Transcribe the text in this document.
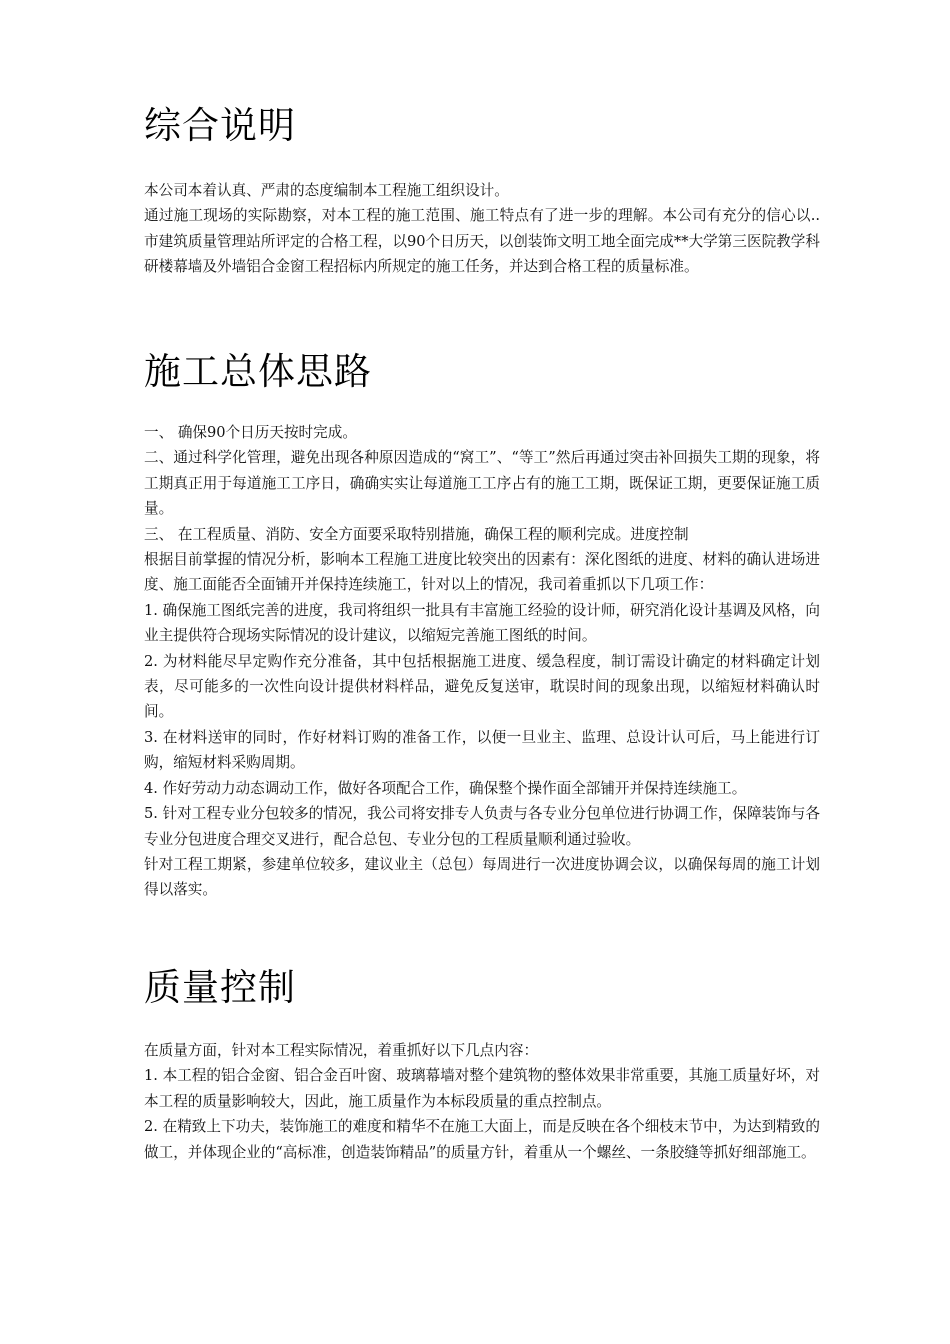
综合说明

本公司本着认真、严肃的态度编制本工程施工组织设计。

通过施工现场的实际勘察，对本工程的施工范围、施工特点有了进一步的理解。本公司有充分的信心以..市建筑质量管理站所评定的合格工程，以90个日历天，以创装饰文明工地全面完成**大学第三医院教学科研楼幕墙及外墙铝合金窗工程招标内所规定的施工任务，并达到合格工程的质量标准。

施工总体思路

一、 确保90个日历天按时完成。

二、通过科学化管理，避免出现各种原因造成的“窝工”、“等工”然后再通过突击补回损失工期的现象，将工期真正用于每道施工工序日，确确实实让每道施工工序占有的施工工期，既保证工期，更要保证施工质量。

三、 在工程质量、消防、安全方面要采取特别措施，确保工程的顺利完成。进度控制

根据目前掌握的情况分析，影响本工程施工进度比较突出的因素有：深化图纸的进度、材料的确认进场进度、施工面能否全面铺开并保持连续施工，针对以上的情况，我司着重抓以下几项工作：

1. 确保施工图纸完善的进度，我司将组织一批具有丰富施工经验的设计师，研究消化设计基调及风格，向业主提供符合现场实际情况的设计建议，以缩短完善施工图纸的时间。

2. 为材料能尽早定购作充分准备，其中包括根据施工进度、缓急程度，制订需设计确定的材料确定计划表，尽可能多的一次性向设计提供材料样品，避免反复送审，耽误时间的现象出现，以缩短材料确认时间。

3. 在材料送审的同时，作好材料订购的准备工作，以便一旦业主、监理、总设计认可后，马上能进行订购，缩短材料采购周期。

4. 作好劳动力动态调动工作，做好各项配合工作，确保整个操作面全部铺开并保持连续施工。

5. 针对工程专业分包较多的情况，我公司将安排专人负责与各专业分包单位进行协调工作，保障装饰与各专业分包进度合理交叉进行，配合总包、专业分包的工程质量顺利通过验收。

针对工程工期紧，参建单位较多，建议业主（总包）每周进行一次进度协调会议，以确保每周的施工计划得以落实。

质量控制

在质量方面，针对本工程实际情况，着重抓好以下几点内容：

1. 本工程的铝合金窗、铝合金百叶窗、玻璃幕墙对整个建筑物的整体效果非常重要，其施工质量好坏，对本工程的质量影响较大，因此，施工质量作为本标段质量的重点控制点。

2. 在精致上下功夫，装饰施工的难度和精华不在施工大面上，而是反映在各个细枝末节中，为达到精致的做工，并体现企业的“高标准，创造装饰精品”的质量方针，着重从一个螺丝、一条胶缝等抓好细部施工。
